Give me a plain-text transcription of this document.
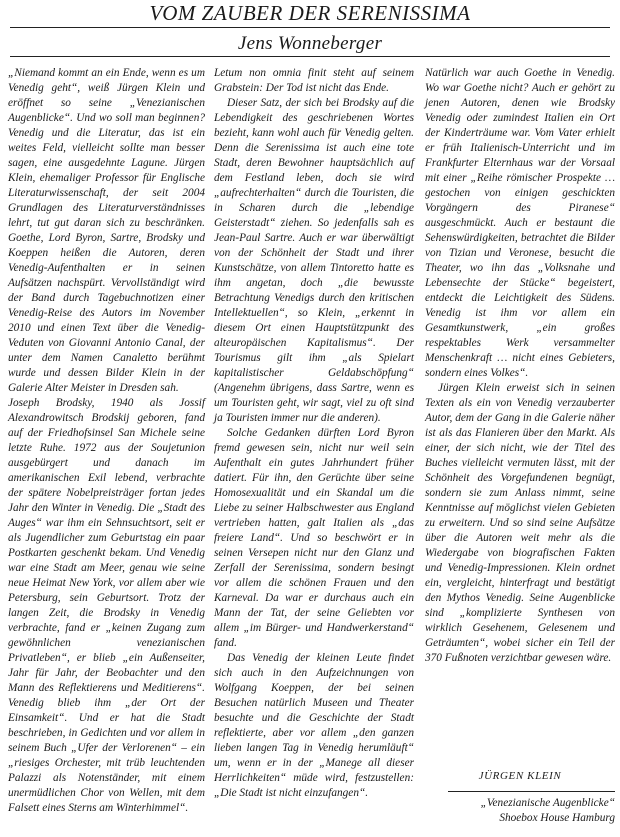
VOM ZAUBER DER SERENISSIMA
Jens Wonneberger

„Niemand kommt an ein Ende, wenn es um Venedig geht“, weiß Jürgen Klein und eröffnet so seine „Venezianischen Augenblicke“. Und wo soll man beginnen? Venedig und die Literatur, das ist ein weites Feld, vielleicht sollte man besser sagen, eine ausgedehnte Lagune. Jürgen Klein, ehemaliger Professor für Englische Literaturwissenschaft, der seit 2004 Grundlagen des Literaturverständnisses lehrt, tut gut daran sich zu beschränken. Goethe, Lord Byron, Sartre, Brodsky und Koeppen heißen die Autoren, deren Venedig-Aufenthalten er in seinen Aufsätzen nachspürt. Vervollständigt wird der Band durch Tagebuchnotizen einer Venedig-Reise des Autors im November 2010 und einen Text über die Venedig-Veduten von Giovanni Antonio Canal, der unter dem Namen Canaletto berühmt wurde und dessen Bilder Klein in der Galerie Alter Meister in Dresden sah.

Joseph Brodsky, 1940 als Jossif Alexandrowitsch Brodskij geboren, fand auf der Friedhofsinsel San Michele seine letzte Ruhe. 1972 aus der Soujetunion ausgebürgert und danach im amerikanischen Exil lebend, verbrachte der spätere Nobelpreisträger fortan jedes Jahr den Winter in Venedig. Die „Stadt des Auges“ war ihm ein Sehnsuchtsort, seit er als Jugendlicher zum Geburtstag ein paar Postkarten geschenkt bekam. Und Venedig war eine Stadt am Meer, genau wie seine neue Heimat New York, vor allem aber wie Petersburg, sein Geburtsort. Trotz der langen Zeit, die Brodsky in Venedig verbrachte, fand er „keinen Zugang zum gewöhnlichen venezianischen Privatleben“, er blieb „ein Außenseiter, Jahr für Jahr, der Beobachter und den Mann des Reflektierens und Meditierens“. Venedig blieb ihm „der Ort der Einsamkeit“. Und er hat die Stadt beschrieben, in Gedichten und vor allem in seinem Buch „Ufer der Verlorenen“ – ein „riesiges Orchester, mit trüb leuchtenden Palazzi als Notenständer, mit einem unermüdlichen Chor von Wellen, mit dem Falsett eines Sterns am Winterhimmel“.

Letum non omnia finit steht auf seinem Grabstein: Der Tod ist nicht das Ende.

Dieser Satz, der sich bei Brodsky auf die Lebendigkeit des geschriebenen Wortes bezieht, kann wohl auch für Venedig gelten. Denn die Serenissima ist auch eine tote Stadt, deren Bewohner hauptsächlich auf dem Festland leben, doch sie wird „aufrechterhalten“ durch die Touristen, die in Scharen durch die „lebendige Geisterstadt“ ziehen. So jedenfalls sah es Jean-Paul Sartre. Auch er war überwältigt von der Schönheit der Stadt und ihrer Kunstschätze, von allem Tintoretto hatte es ihm angetan, doch „die bewusste Betrachtung Venedigs durch den kritischen Intellektuellen“, so Klein, „erkennt in diesem Ort einen Hauptstützpunkt des alteuropäischen Kapitalismus“. Der Tourismus gilt ihm „als Spielart kapitalistischer Geldabschöpfung“ (Angenehm übrigens, dass Sartre, wenn es um Touristen geht, wir sagt, viel zu oft sind ja Touristen immer nur die anderen).

Solche Gedanken dürften Lord Byron fremd gewesen sein, nicht nur weil sein Aufenthalt ein gutes Jahrhundert früher datiert. Für ihn, den Gerüchte über seine Homosexualität und ein Skandal um die Liebe zu seiner Halbschwester aus England vertrieben hatten, galt Italien als „das freiere Land“. Und so beschwört er in seinen Versepen nicht nur den Glanz und Zerfall der Serenissima, sondern besingt vor allem die schönen Frauen und den Karneval. Da war er durchaus auch ein Mann der Tat, der seine Geliebten vor allem „im Bürger- und Handwerkerstand“ fand.

Das Venedig der kleinen Leute findet sich auch in den Aufzeichnungen von Wolfgang Koeppen, der bei seinen Besuchen natürlich Museen und Theater besuchte und die Geschichte der Stadt reflektierte, aber vor allem „den ganzen lieben langen Tag in Venedig herumläuft“ um, wenn er in der „Manege all dieser Herrlichkeiten“ müde wird, festzustellen: „Die Stadt ist nicht einzufangen“.

Natürlich war auch Goethe in Venedig. Wo war Goethe nicht? Auch er gehört zu jenen Autoren, denen wie Brodsky Venedig oder zumindest Italien ein Ort der Kinderträume war. Vom Vater erhielt er früh Italienisch-Unterricht und im Frankfurter Elternhaus war der Vorsaal mit einer „Reihe römischer Prospekte … gestochen von einigen geschickten Vorgängern des Piranese“ ausgeschmückt. Auch er bestaunt die Sehenswürdigkeiten, betrachtet die Bilder von Tizian und Veronese, besucht die Theater, wo ihn das „Volksnahe und Lebensechte der Stücke“ begeistert, entdeckt die Leichtigkeit des Südens. Venedig ist ihm vor allem ein Gesamtkunstwerk, „ein großes respektables Werk versammelter Menschenkraft … nicht eines Gebieters, sondern eines Volkes“.

Jürgen Klein erweist sich in seinen Texten als ein von Venedig verzauberter Autor, dem der Gang in die Galerie näher ist als das Flanieren über den Markt. Als einer, der sich nicht, wie der Titel des Buches vielleicht vermuten lässt, mit der Schönheit des Vorgefundenen begnügt, sondern sie zum Anlass nimmt, seine Kenntnisse auf möglichst vielen Gebieten zu erweitern. Und so sind seine Aufsätze über die Autoren weit mehr als die Wiedergabe von biografischen Fakten und Venedig-Impressionen. Klein ordnet ein, vergleicht, hinterfragt und bestätigt den Mythos Venedig. Seine Augenblicke sind „komplizierte Synthesen von wirklich Gesehenem, Gelesenem und Geträumten“, wobei sicher ein Teil der 370 Fußnoten verzichtbar gewesen wäre.

JÜRGEN KLEIN
„Venezianische Augenblicke“
Shoebox House Hamburg
